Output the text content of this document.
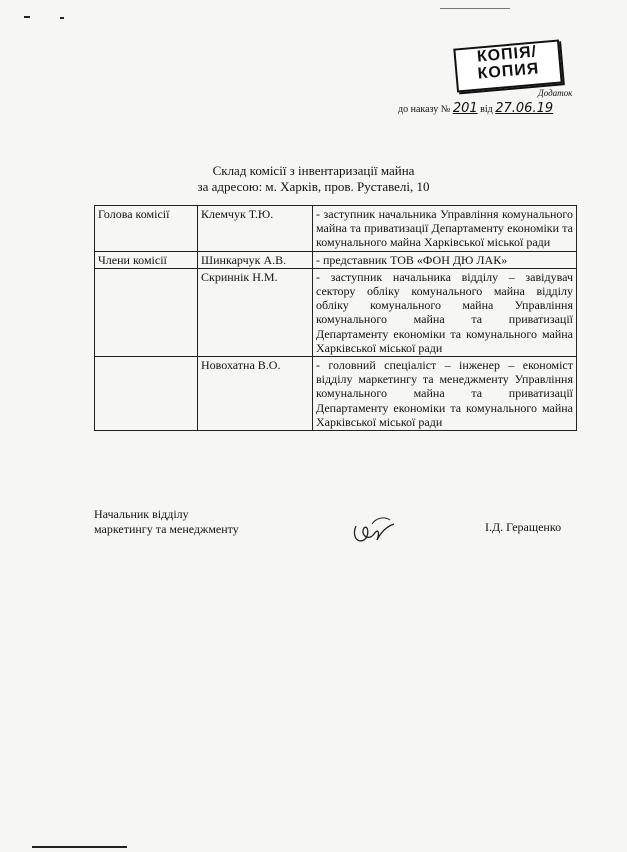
КОПІЯ/
КОПИЯ
Додаток
до наказу № 201 від 27.06.19
Склад комісії з інвентаризації майна
за адресою: м. Харків, пров. Руставелі, 10
Голова комісії	Клемчук Т.Ю.	- заступник начальника Управління комунального майна та приватизації Департаменту економіки та комунального майна Харківської міської ради
Члени комісії	Шинкарчук А.В.	- представник ТОВ «ФОН ДЮ ЛАК»
	Скриннік Н.М.	- заступник начальника відділу – завідувач сектору обліку комунального майна відділу обліку комунального майна Управління комунального майна та приватизації Департаменту економіки та комунального майна Харківської міської ради
	Новохатна В.О.	- головний спеціаліст – інженер – економіст відділу маркетингу та менеджменту Управління комунального майна та приватизації Департаменту економіки та комунального майна Харківської міської ради
Начальник відділу
маркетингу та менеджменту	І.Д. Геращенко
